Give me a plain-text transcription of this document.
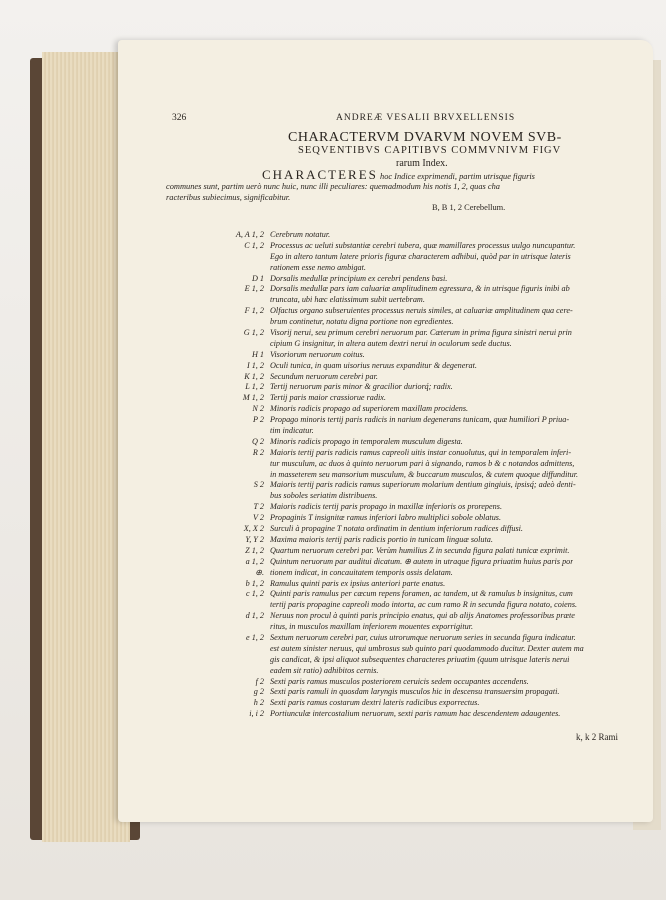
326	ANDREÆ VESALII BRVXELLENSIS
CHARACTERVM DVARVM NOVEM SVB-
SEQVENTIBVS CAPITIBVS COMMVNIVM FIGV
rarum Index.
CHARACTERES hoc Indice exprimendi, partim utrisque figuris
communes sunt, partim uerò nunc huic, nunc illi peculiares: quemadmodum his notis 1, 2, quas cha
racteribus subiecimus, significabitur.
B, B 1, 2 Cerebellum.
A, A 1, 2 Cerebrum notatur.
C 1, 2 Processus ac ueluti substantiæ cerebri tubera, quæ mamillares processus uulgo nuncupantur.
Ego in altero tantum latere prioris figuræ characterem adhibui, quòd par in utrisque lateris
rationem esse nemo ambigat.
D 1 Dorsalis medullæ principium ex cerebri pendens basi.
E 1, 2 Dorsalis medullæ pars iam caluariæ amplitudinem egressura, & in utrisque figuris inibi ab
truncata, ubi hæc elatissimum subit uertebram.
F 1, 2 Olfactus organo subseruientes processus neruis similes, at caluariæ amplitudinem qua cere-
brum continetur, notatu digna portione non egredientes.
G 1, 2 Visorij nerui, seu primum cerebri neruorum par. Cæterum in prima figura sinistri nerui prin
cipium G insignitur, in altera autem dextri nerui in oculorum sede ductus.
H 1 Visoriorum neruorum coitus.
I 1, 2 Oculi tunica, in quam uisorius neruus expanditur & degenerat.
K 1, 2 Secundum neruorum cerebri par.
L 1, 2 Tertij neruorum paris minor & gracilior duriorq́; radix.
M 1, 2 Tertij paris maior crassiorue radix.
N 2 Minoris radicis propago ad superiorem maxillam procidens.
P 2 Propago minoris tertij paris radicis in narium degenerans tunicam, quæ humiliori P priua-
tim indicatur.
Q 2 Minoris radicis propago in temporalem musculum digesta.
R 2 Maioris tertij paris radicis ramus capreoli uitis instar conuolutus, qui in temporalem inferi-
tur musculum, ac duos à quinto neruorum pari à signando, ramos b & c notandos admittens,
in masseterem seu mansorium musculum, & buccarum musculos, & cutem quoque diffunditur.
S 2 Maioris tertij paris radicis ramus superiorum molarium dentium gingiuis, ipsisq́; adeò denti-
bus soboles seriatim distribuens.
T 2 Maioris radicis tertij paris propago in maxillæ inferioris os prorepens.
V 2 Propaginis T insignitæ ramus inferiori labro multiplici sobole oblatus.
X, X 2 Surculi à propagine T notata ordinatim in dentium inferiorum radices diffusi.
Y, Y 2 Maxima maioris tertij paris radicis portio in tunicam linguæ soluta.
Z 1, 2 Quartum neruorum cerebri par. Verùm humilius Z in secunda figura palati tunicæ exprimit.
a 1, 2 Quintum neruorum par auditui dicatum. ⊕ autem in utraque figura priuatim huius paris por
⊕. tionem indicat, in concauitatem temporis ossis delatam.
b 1, 2 Ramulus quinti paris ex ipsius anteriori parte enatus.
c 1, 2 Quinti paris ramulus per cæcum repens foramen, ac tandem, ut & ramulus b insignitus, cum
tertij paris propagine capreoli modo intorta, ac cum ramo R in secunda figura notato, coiens.
d 1, 2 Neruus non procul à quinti paris principio enatus, qui ab alijs Anatomes professoribus præte
ritus, in musculos maxillam inferiorem mouentes exporrigitur.
e 1, 2 Sextum neruorum cerebri par, cuius utrorumque neruorum series in secunda figura indicatur.
est autem sinister neruus, qui umbrosus sub quinto pari quodammodo ducitur. Dexter autem ma
gis candicat, & ipsi aliquot subsequentes characteres priuatim (quum utrisque lateris nerui
eadem sit ratio) adhibitos cernis.
f 2 Sexti paris ramus musculos posteriorem ceruicis sedem occupantes accendens.
g 2 Sexti paris ramuli in quosdam laryngis musculos hic in descensu transuersim propagati.
h 2 Sexti paris ramus costarum dextri lateris radicibus exporrectus.
i, i 2 Portiunculæ intercostalium neruorum, sexti paris ramum hac descendentem adaugentes.
k, k 2 Rami
